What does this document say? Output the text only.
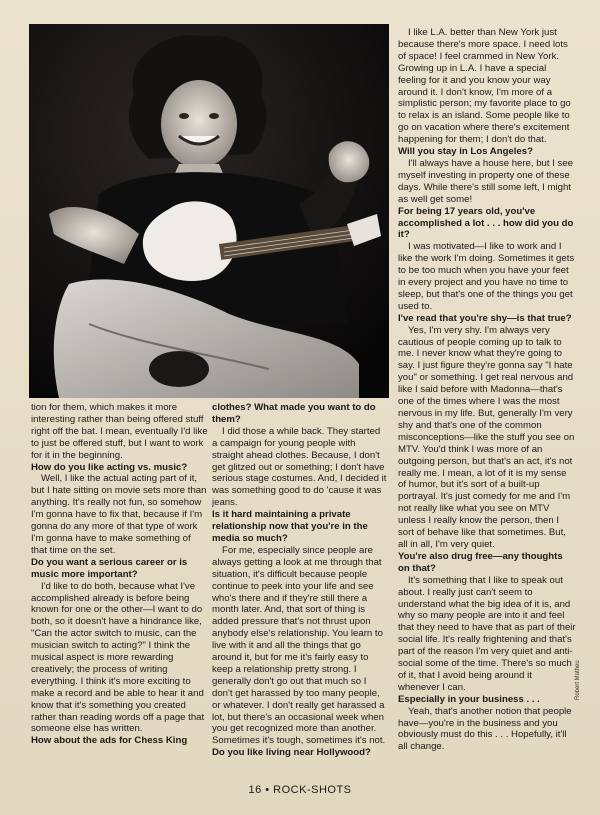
tion for them, which makes it more interesting rather than being offered stuff right off the bat. I mean, eventually I'd like to just be offered stuff, but I want to work for it in the beginning.

How do you like acting vs. music?

Well, I like the actual acting part of it, but I hate sitting on movie sets more than anything. It's really not fun, so somehow I'm gonna have to fix that, because if I'm gonna do any more of that type of work I'm gonna have to make something of that time on the set.

Do you want a serious career or is music more important?

I'd like to do both, because what I've accomplished already is before being known for one or the other—I want to do both, so it doesn't have a hindrance like, "Can the actor switch to music, can the musician switch to acting?" I think the musical aspect is more rewarding creatively; the process of writing everything. I think it's more exciting to make a record and be able to hear it and know that it's something you created rather than reading words off a page that someone else has written.

How about the ads for Chess King

clothes? What made you want to do them?

I did those a while back. They started a campaign for young people with straight ahead clothes. Because, I don't get glitzed out or something; I don't have serious stage costumes. And, I decided it was something good to do 'cause it was jeans.

Is it hard maintaining a private relationship now that you're in the media so much?

For me, especially since people are always getting a look at me through that situation, it's difficult because people continue to peek into your life and see who's there and if they're still there a month later. And, that sort of thing is added pressure that's not thrust upon anybody else's relationship. You learn to live with it and all the things that go around it, but for me it's fairly easy to keep a relationship pretty strong. I generally don't go out that much so I don't get harassed by too many people, or whatever. I don't really get harassed a lot, but there's an occasional week when you get recognized more than another. Sometimes it's tough, sometimes it's not.

Do you like living near Hollywood?

I like L.A. better than New York just because there's more space. I need lots of space! I feel crammed in New York. Growing up in L.A. I have a special feeling for it and you know your way around it. I don't know, I'm more of a simplistic person; my favorite place to go to relax is an island. Some people like to go on vacation where there's excitement happening for them; I don't do that.

Will you stay in Los Angeles?

I'll always have a house here, but I see myself investing in property one of these days. While there's still some left, I might as well get some!

For being 17 years old, you've accomplished a lot . . . how did you do it?

I was motivated—I like to work and I like the work I'm doing. Sometimes it gets to be too much when you have your feet in every project and you have no time to sleep, but that's one of the things you get used to.

I've read that you're shy—is that true?

Yes, I'm very shy. I'm always very cautious of people coming up to talk to me. I never know what they're going to say. I just figure they're gonna say "I hate you" or something. I get real nervous and like I said before with Madonna—that's one of the times where I was the most nervous in my life. But, generally I'm very shy and that's one of the common misconceptions—like the stuff you see on MTV. You'd think I was more of an outgoing person, but that's an act, it's not really me. I mean, a lot of it is my sense of humor, but it's sort of a built-up portrayal. It's just comedy for me and I'm not really like what you see on MTV unless I really know the person, then I sort of behave like that sometimes. But, all in all, I'm very quiet.

You're also drug free—any thoughts on that?

It's something that I like to speak out about. I really just can't seem to understand what the big idea of it is, and why so many people are into it and feel that they need to have that as part of their social life. It's really frightening and that's part of the reason I'm very quiet and anti-social some of the time. There's so much of it, that I avoid being around it whenever I can.

Especially in your business . . .

Yeah, that's another notion that people have—you're in the business and you obviously must do this . . . Hopefully, it'll all change.

Robert Matheu
16 • ROCK-SHOTS
